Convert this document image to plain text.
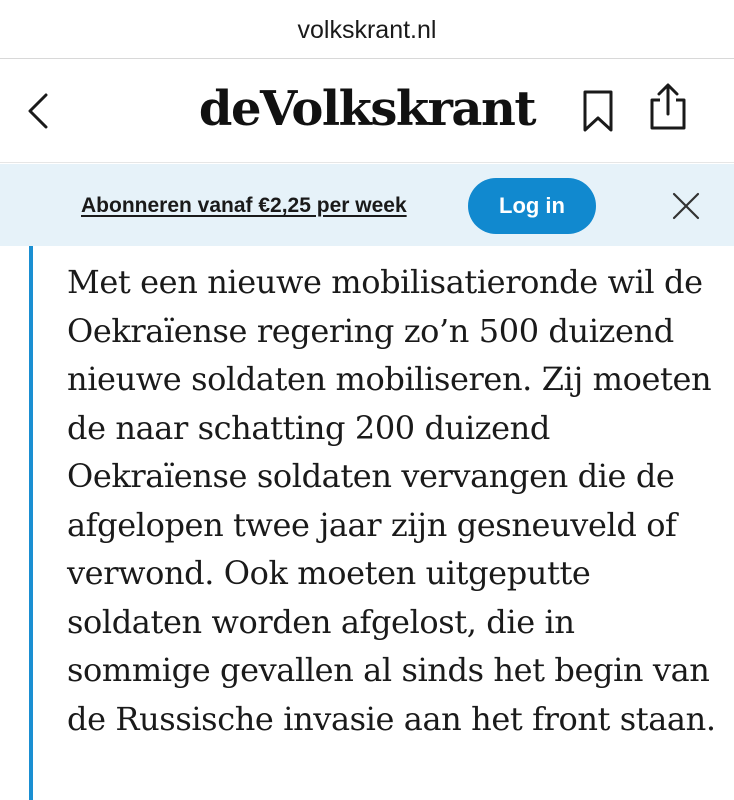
volkskrant.nl
deVolkskrant
Abonneren vanaf €2,25 per week	Log in

Met een nieuwe mobilisatieronde wil de Oekraïense regering zo’n 500 duizend nieuwe soldaten mobiliseren. Zij moeten de naar schatting 200 duizend Oekraïense soldaten vervangen die de afgelopen twee jaar zijn gesneuveld of verwond. Ook moeten uitgeputte soldaten worden afgelost, die in sommige gevallen al sinds het begin van de Russische invasie aan het front staan.
